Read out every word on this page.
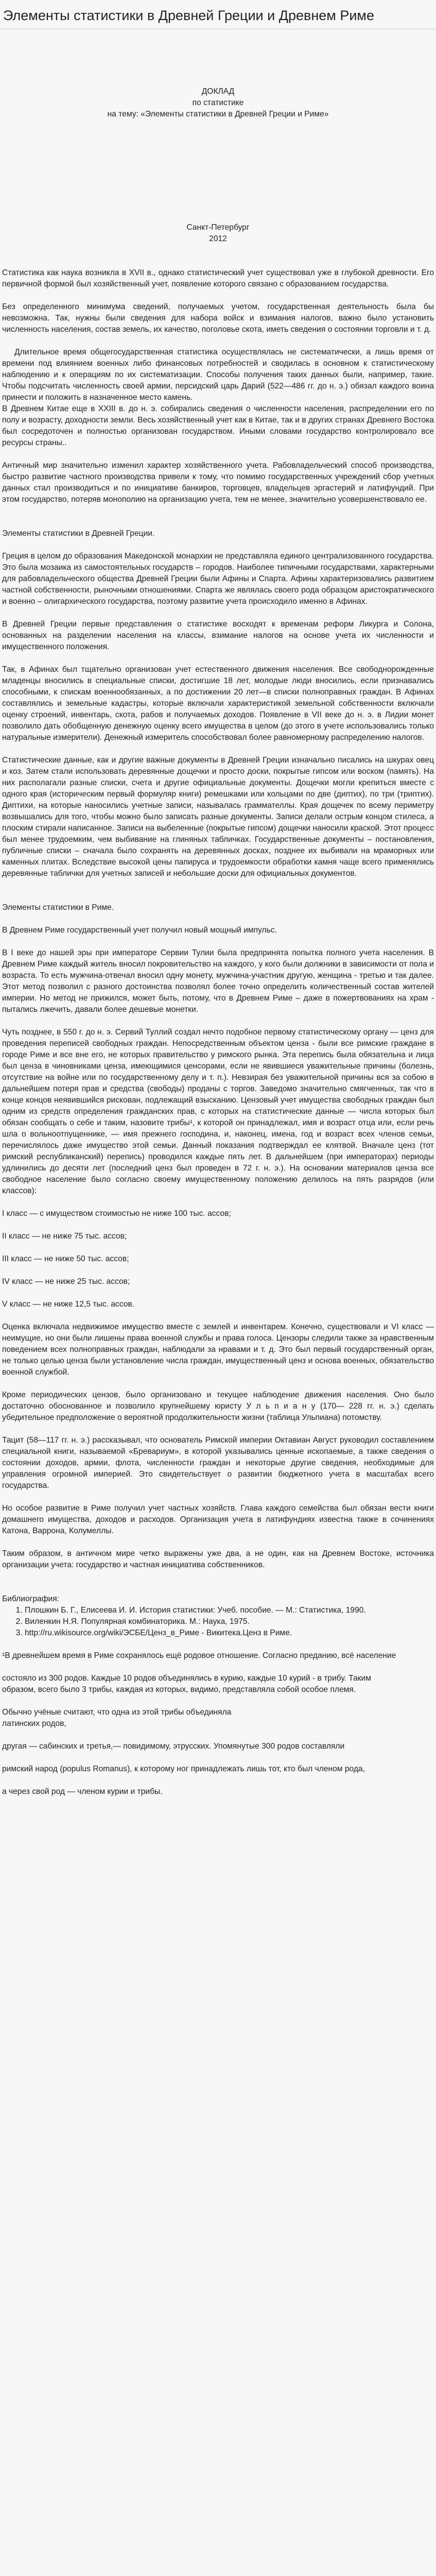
Элементы статистики в Древней Греции и Древнем Риме

ДОКЛАД

по статистике

на тему: «Элементы статистики в Древней Греции и Риме»

Санкт-Петербург

2012

Статистика как наука возникла в XVII в., однако статистический учет существовал уже в глубокой древности. Его первичной формой был хозяйственный учет, появление которого связано с образованием государства.

Без определенного минимума сведений, получаемых учетом, государственная деятельность была бы невозможна. Так, нужны были сведения для набора войск и взимания налогов, важно было установить численность населения, состав земель, их качество, поголовье скота, иметь сведения о состоянии торговли и т. д.

Длительное время общегосударственная статистика осуществлялась не систематически, а лишь время от времени под влиянием военных либо финансовых потребностей и сводилась в основном к статистическому наблюдению и к операциям по их систематизации. Способы получения таких данных были, например, такие. Чтобы подсчитать численность своей армии, персидский царь Дарий (522—486 гг. до н. э.) обязал каждого воина принести и положить в назначенное место камень.

В Древнем Китае еще в XXIII в. до н. э. собирались сведения о численности населения, распределении его по полу и возрасту, доходности земли. Весь хозяйственный учет как в Китае, так и в других странах Древнего Востока был сосредоточен и полностью организован государством. Иными словами государство контролировало все ресурсы страны..

Античный мир значительно изменил характер хозяйственного учета. Рабовладельческий способ производства, быстро развитие частного производства привели к тому, что помимо государственных учреждений сбор учетных данных стал производиться и по инициативе банкиров, торговцев, владельцев эргастерий и латифундий. При этом государство, потеряв монополию на организацию учета, тем не менее, значительно усовершенствовало ее.

Элементы статистики в Древней Греции.

Греция в целом до образования Македонской монархии не представляла единого централизованного государства. Это была мозаика из самостоятельных государств – городов. Наиболее типичными государствами, характерными для рабовладельческого общества Древней Греции были Афины и Спарта. Афины характеризовались развитием частной собственности, рыночными отношениями. Спарта же являлась своего рода образцом аристократического и военно – олигархического государства, поэтому развитие учета происходило именно в Афинах.

В Древней Греции первые представления о статистике восходят к временам реформ Ликурга и Солона, основанных на разделении населения на классы, взимание налогов на основе учета их численности и имущественного положения.

Так, в Афинах был тщательно организован учет естественного движения населения. Все свободнорожденные младенцы вносились в специальные списки, достигшие 18 лет, молодые люди вносились, если признавались способными, к спискам военнообязанных, а по достижении 20 лет—в списки полноправных граждан. В Афинах составлялись и земельные кадастры, которые включали характеристикой земельной собственности включали оценку строений, инвентарь, скота, рабов и получаемых доходов. Появление в VII веке до н. э. в Лидии монет позволило дать обобщенную денежную оценку всего имущества в целом (до этого в учете использовались только натуральные измерители). Денежный измеритель способствовал более равномерному распределению налогов.

Статистические данные, как и другие важные документы в Древней Греции изначально писались на шкурах овец и коз. Затем стали использовать деревянные дощечки и просто доски, покрытые гипсом или воском (память). На них располагали разные списки, счета и другие официальные документы. Дощечки могли крепиться вместе с одного края (историческим первый формуляр книги) ремешками или кольцами по две (диптих), по три (триптих). Диптихи, на которые наносились учетные записи, называлась граммателлы. Края дощечек по всему периметру возвышались для того, чтобы можно было записать разные документы. Записи делали острым концом стилеса, а плоским стирали написанное. Записи на выбеленные (покрытые гипсом) дощечки наносили краской. Этот процесс был менее трудоемким, чем выбивание на глиняных табличках. Государственные документы – постановления, публичные списки – сначала было сохранять на деревянных досках, позднее их выбивали на мраморных или каменных плитах. Вследствие высокой цены папируса и трудоемкости обработки камня чаще всего применялись деревянные таблички для учетных записей и небольшие доски для официальных документов.

Элементы статистики в Риме.

В Древнем Риме государственный учет получил новый мощный импульс.

В I веке до нашей эры при императоре Сервии Тулии была предпринята попытка полного учета населения. В Древнем Риме каждый житель вносил покровительство на каждого, у кого были должники в зависимости от пола и возраста. То есть мужчина-отвечал вносил одну монету, мужчина-участник другую, женщина - третью и так далее. Этот метод позволил с разного достоинства позволял более точно определить количественный состав жителей империи. Но метод не прижился, может быть, потому, что в Древнем Риме – даже в пожертвованиях на храм - пытались лжечить, давали более дешевые монетки.

Чуть позднее, в 550 г. до н. э. Сервий Туллий создал нечто подобное первому статистическому органу — ценз для проведения переписей свободных граждан. Непосредственным объектом ценза - были все римские граждане в городе Риме и все вне его, не которых правительство у римского рынка. Эта перепись была обязательна и лица был ценза в чиновниками ценза, имеющимися ценсорами, если не явившиеся уважительные причины (болезнь, отсутствие на войне или по государственному делу и т. п.). Невзирая без уважительной причины вся за собою в дальнейшем потеря прав и средства (свободы) проданы с торгов. Заведомо значительно смягченных, так что в конце концов неявившийся рискован, подлежащий взысканию. Цензовый учет имущества свободных граждан был одним из средств определения гражданских прав, с которых на статистические данные — числа которых был обязан сообщать о себе и таким, назовите трибы¹, к которой он принадлежал, имя и возраст отца или, если речь шла о вольноотпущеннике, — имя прежнего господина, и, наконец, имена, год и возраст всех членов семьи, перечислялось даже имущество этой семьи. Данный показания подтверждал ее клятвой. Вначале ценз (тот римский республиканский) перепись) проводился каждые пять лет. В дальнейшем (при императорах) периоды удлинились до десяти лет (последний ценз был проведен в 72 г. н. э.). На основании материалов ценза все свободное население было согласно своему имущественному положению делилось на пять разрядов (или классов):

I класс — с имуществом стоимостью не ниже 100 тыс. ассов;

II класс — не ниже 75 тыс. ассов;

III класс — не ниже 50 тыс. ассов;

IV класс — не ниже 25 тыс. ассов;

V класс — не ниже 12,5 тыс. ассов.

Оценка включала недвижимое имущество вместе с землей и инвентарем. Конечно, существовали и VI класс — неимущие, но они были лишены права военной службы и права голоса. Цензоры следили также за нравственным поведением всех полноправных граждан, наблюдали за нравами и т. д. Это был первый государственный орган, не только целью ценза были установление числа граждан, имущественный ценз и основа военных, обязательство военной службой.

Кроме периодических цензов, было организовано и текущее наблюдение движения населения. Оно было достаточно обоснованное и позволило крупнейшему юристу У л ь п и а н у (170— 228 гг. н. э.) сделать убедительное предположение о вероятной продолжительности жизни (таблица Ульпиана) потомству.

Тацит (58—117 гг. н. э.) рассказывал, что основатель Римской империи Октавиан Август руководил составлением специальной книги, называемой «Бревариум», в которой указывались ценные ископаемые, а также сведения о состоянии доходов, армии, флота, численности граждан и некоторые другие сведения, необходимые для управления огромной империей. Это свидетельствует о развитии бюджетного учета в масштабах всего государства.

Но особое развитие в Риме получил учет частных хозяйств. Глава каждого семейства был обязан вести книги домашнего имущества, доходов и расходов. Организация учета в латифундиях известна также в сочинениях Катона, Варрона, Колумеллы.

Таким образом, в античном мире четко выражены уже два, а не один, как на Древнем Востоке, источника организации учета: государство и частная инициатива собственников.

Библиография:

1. Плошкин Б. Г., Елисеева И. И. История статистики: Учеб. пособие. — М.: Статистика, 1990.
2. Виленкин Н.Я. Популярная комбинаторика. М.: Наука, 1975.
3. http://ru.wikisource.org/wiki/ЭСБЕ/Ценз_в_Риме - Викитека.Ценз в Риме.

¹В древнейшем время в Риме сохранялось ещё родовое отношение. Согласно преданию, всё население

состояло из 300 родов. Каждые 10 родов объединялись в курию, каждые 10 курий - в трибу. Таким

образом, всего было 3 трибы, каждая из которых, видимо, представляла собой особое племя.

Обычно учёные считают, что одна из этой трибы объединяла

латинских родов,

другая — сабинских и третья,— повидимому, этрусских. Упомянутые 300 родов составляли

римский народ (populus Romanus), к которому ног принадлежать лишь тот, кто был членом рода,

а через свой род — членом курии и трибы.
